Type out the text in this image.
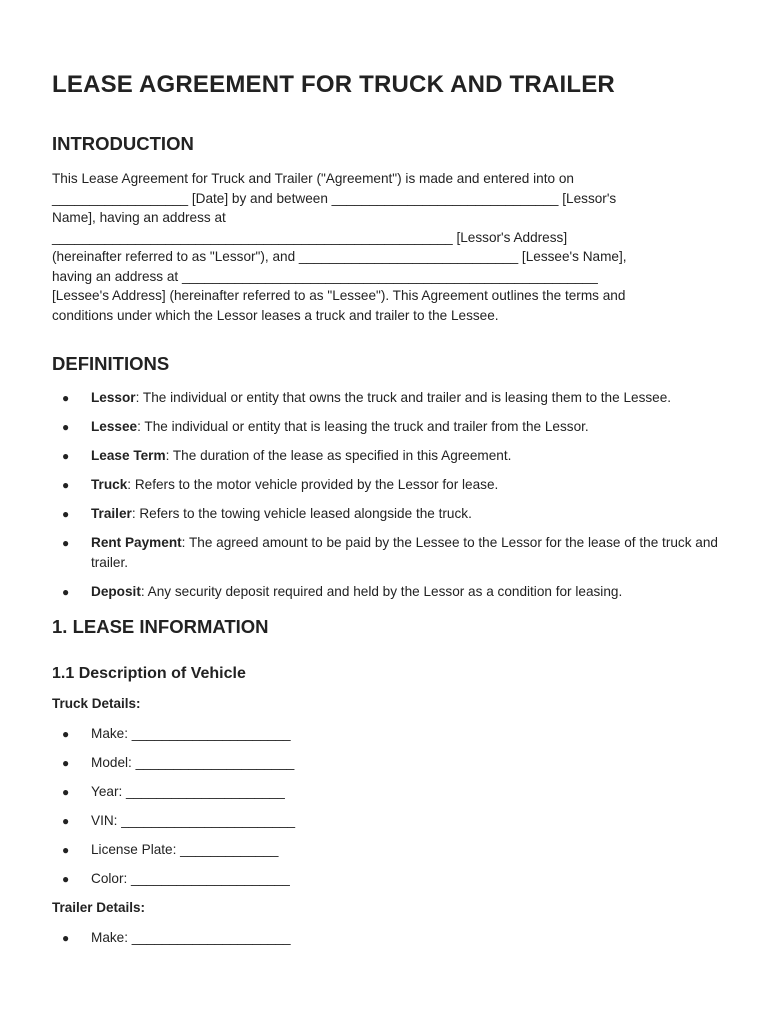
LEASE AGREEMENT FOR TRUCK AND TRAILER
INTRODUCTION

This Lease Agreement for Truck and Trailer ("Agreement") is made and entered into on
__________________ [Date] by and between ______________________________ [Lessor's
Name], having an address at
_____________________________________________________ [Lessor's Address]
(hereinafter referred to as "Lessor"), and _____________________________ [Lessee's Name],
having an address at _______________________________________________________
[Lessee's Address] (hereinafter referred to as "Lessee"). This Agreement outlines the terms and
conditions under which the Lessor leases a truck and trailer to the Lessee.

DEFINITIONS
● Lessor: The individual or entity that owns the truck and trailer and is leasing them to the Lessee.
● Lessee: The individual or entity that is leasing the truck and trailer from the Lessor.
● Lease Term: The duration of the lease as specified in this Agreement.
● Truck: Refers to the motor vehicle provided by the Lessor for lease.
● Trailer: Refers to the towing vehicle leased alongside the truck.
● Rent Payment: The agreed amount to be paid by the Lessee to the Lessor for the lease of the truck and trailer.
● Deposit: Any security deposit required and held by the Lessor as a condition for leasing.
1. LEASE INFORMATION
1.1 Description of Vehicle
Truck Details:
● Make: _____________________
● Model: _____________________
● Year: _____________________
● VIN: _______________________
● License Plate: _____________
● Color: _____________________
Trailer Details:
● Make: _____________________
